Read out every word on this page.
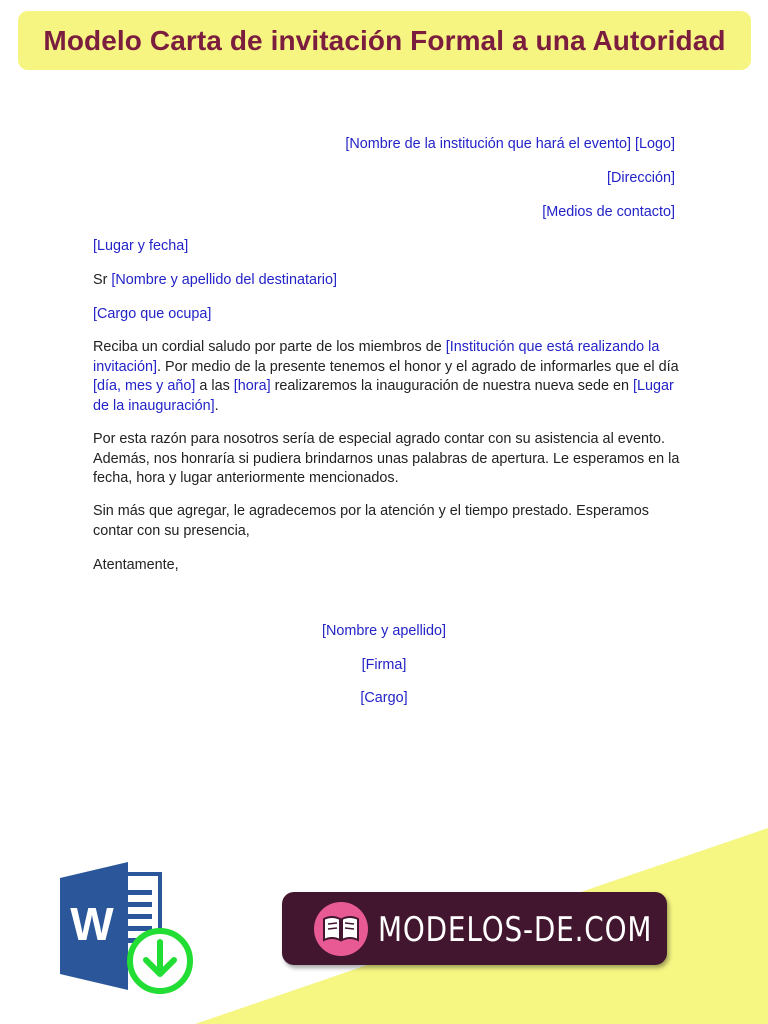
Modelo Carta de invitación Formal a una Autoridad
[Nombre de la institución que hará el evento] [Logo]
[Dirección]
[Medios de contacto]
[Lugar y fecha]
Sr [Nombre y apellido del destinatario]
[Cargo que ocupa]
Reciba un cordial saludo por parte de los miembros de [Institución que está realizando la invitación]. Por medio de la presente tenemos el honor y el agrado de informarles que el día [día, mes y año] a las [hora] realizaremos la inauguración de nuestra nueva sede en [Lugar de la inauguración].
Por esta razón para nosotros sería de especial agrado contar con su asistencia al evento. Además, nos honraría si pudiera brindarnos unas palabras de apertura. Le esperamos en la fecha, hora y lugar anteriormente mencionados.
Sin más que agregar, le agradecemos por la atención y el tiempo prestado. Esperamos contar con su presencia,
Atentamente,
[Nombre y apellido]
[Firma]
[Cargo]
W	MODELOS-DE.COM
